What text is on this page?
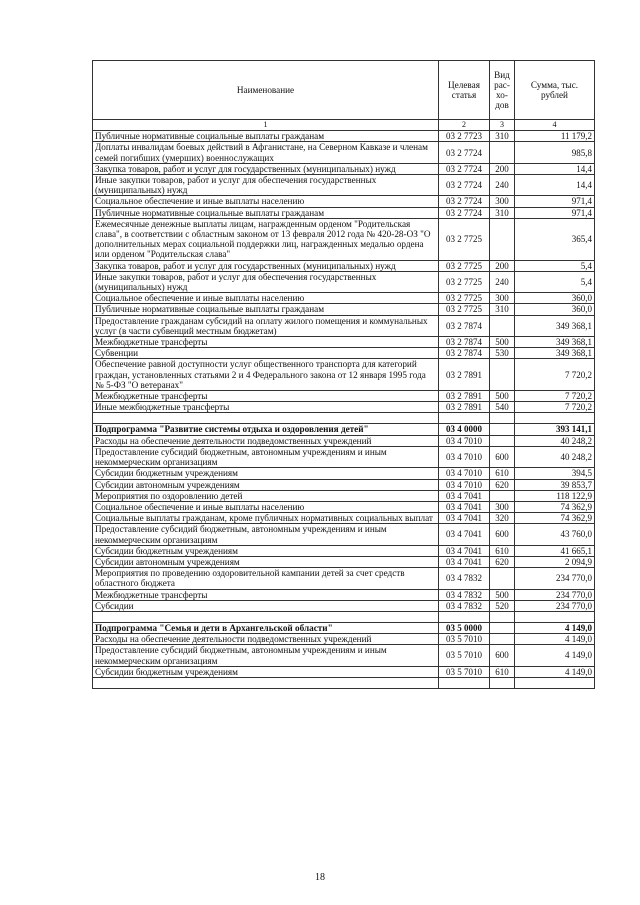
Наименование	Целевая статья	Вид рас-хо-дов	Сумма, тыс. рублей
1	2	3	4
Публичные нормативные социальные выплаты гражданам	03 2 7723	310	11 179,2
Доплаты инвалидам боевых действий в Афганистане, на Северном Кавказе и членам семей погибших (умерших) военнослужащих	03 2 7724		985,8
Закупка товаров, работ и услуг для государственных (муниципальных) нужд	03 2 7724	200	14,4
Иные закупки товаров, работ и услуг для обеспечения государственных (муниципальных) нужд	03 2 7724	240	14,4
Социальное обеспечение и иные выплаты населению	03 2 7724	300	971,4
Публичные нормативные социальные выплаты гражданам	03 2 7724	310	971,4
Ежемесячные денежные выплаты лицам, награжденным орденом "Родительская слава", в соответствии с областным законом от 13 февраля 2012 года № 420-28-ОЗ "О дополнительных мерах социальной поддержки лиц, награжденных медалью ордена или орденом "Родительская слава"	03 2 7725		365,4
Закупка товаров, работ и услуг для государственных (муниципальных) нужд	03 2 7725	200	5,4
Иные закупки товаров, работ и услуг для обеспечения государственных (муниципальных) нужд	03 2 7725	240	5,4
Социальное обеспечение и иные выплаты населению	03 2 7725	300	360,0
Публичные нормативные социальные выплаты гражданам	03 2 7725	310	360,0
Предоставление гражданам субсидий на оплату жилого помещения и коммунальных услуг (в части субвенций местным бюджетам)	03 2 7874		349 368,1
Межбюджетные трансферты	03 2 7874	500	349 368,1
Субвенции	03 2 7874	530	349 368,1
Обеспечение равной доступности услуг общественного транспорта для категорий граждан, установленных статьями 2 и 4 Федерального закона от 12 января 1995 года № 5-ФЗ "О ветеранах"	03 2 7891		7 720,2
Межбюджетные трансферты	03 2 7891	500	7 720,2
Иные межбюджетные трансферты	03 2 7891	540	7 720,2

Подпрограмма "Развитие системы отдыха и оздоровления детей"	03 4 0000		393 141,1
Расходы на обеспечение деятельности подведомственных учреждений	03 4 7010		40 248,2
Предоставление субсидий бюджетным, автономным учреждениям и иным некоммерческим организациям	03 4 7010	600	40 248,2
Субсидии бюджетным учреждениям	03 4 7010	610	394,5
Субсидии автономным учреждениям	03 4 7010	620	39 853,7
Мероприятия по оздоровлению детей	03 4 7041		118 122,9
Социальное обеспечение и иные выплаты населению	03 4 7041	300	74 362,9
Социальные выплаты гражданам, кроме публичных нормативных социальных выплат	03 4 7041	320	74 362,9
Предоставление субсидий бюджетным, автономным учреждениям и иным некоммерческим организациям	03 4 7041	600	43 760,0
Субсидии бюджетным учреждениям	03 4 7041	610	41 665,1
Субсидии автономным учреждениям	03 4 7041	620	2 094,9
Мероприятия по проведению оздоровительной кампании детей за счет средств областного бюджета	03 4 7832		234 770,0
Межбюджетные трансферты	03 4 7832	500	234 770,0
Субсидии	03 4 7832	520	234 770,0

Подпрограмма "Семья и дети в Архангельской области"	03 5 0000		4 149,0
Расходы на обеспечение деятельности подведомственных учреждений	03 5 7010		4 149,0
Предоставление субсидий бюджетным, автономным учреждениям и иным некоммерческим организациям	03 5 7010	600	4 149,0
Субсидии бюджетным учреждениям	03 5 7010	610	4 149,0

18
